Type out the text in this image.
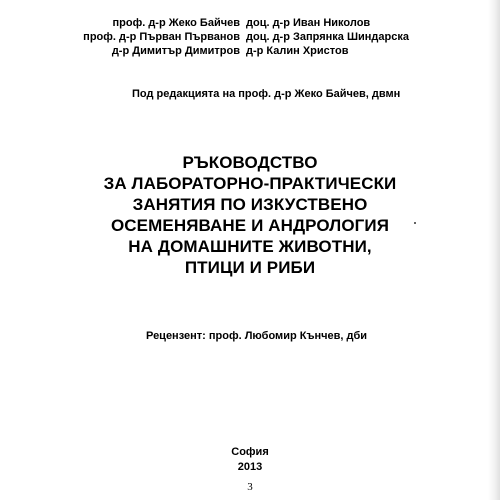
проф. д-р Жеко Байчев доц. д-р Иван Николов
проф. д-р Първан Първанов доц. д-р Запрянка Шиндарска
д-р Димитър Димитров д-р Калин Христов
Под редакцията на проф. д-р Жеко Байчев, двмн
РЪКОВОДСТВО
ЗА ЛАБОРАТОРНО-ПРАКТИЧЕСКИ
ЗАНЯТИЯ ПО ИЗКУСТВЕНО
ОСЕМЕНЯВАНЕ И АНДРОЛОГИЯ
НА ДОМАШНИТЕ ЖИВОТНИ,
ПТИЦИ И РИБИ
Рецензент: проф. Любомир Кънчев, дби
София
2013
3
